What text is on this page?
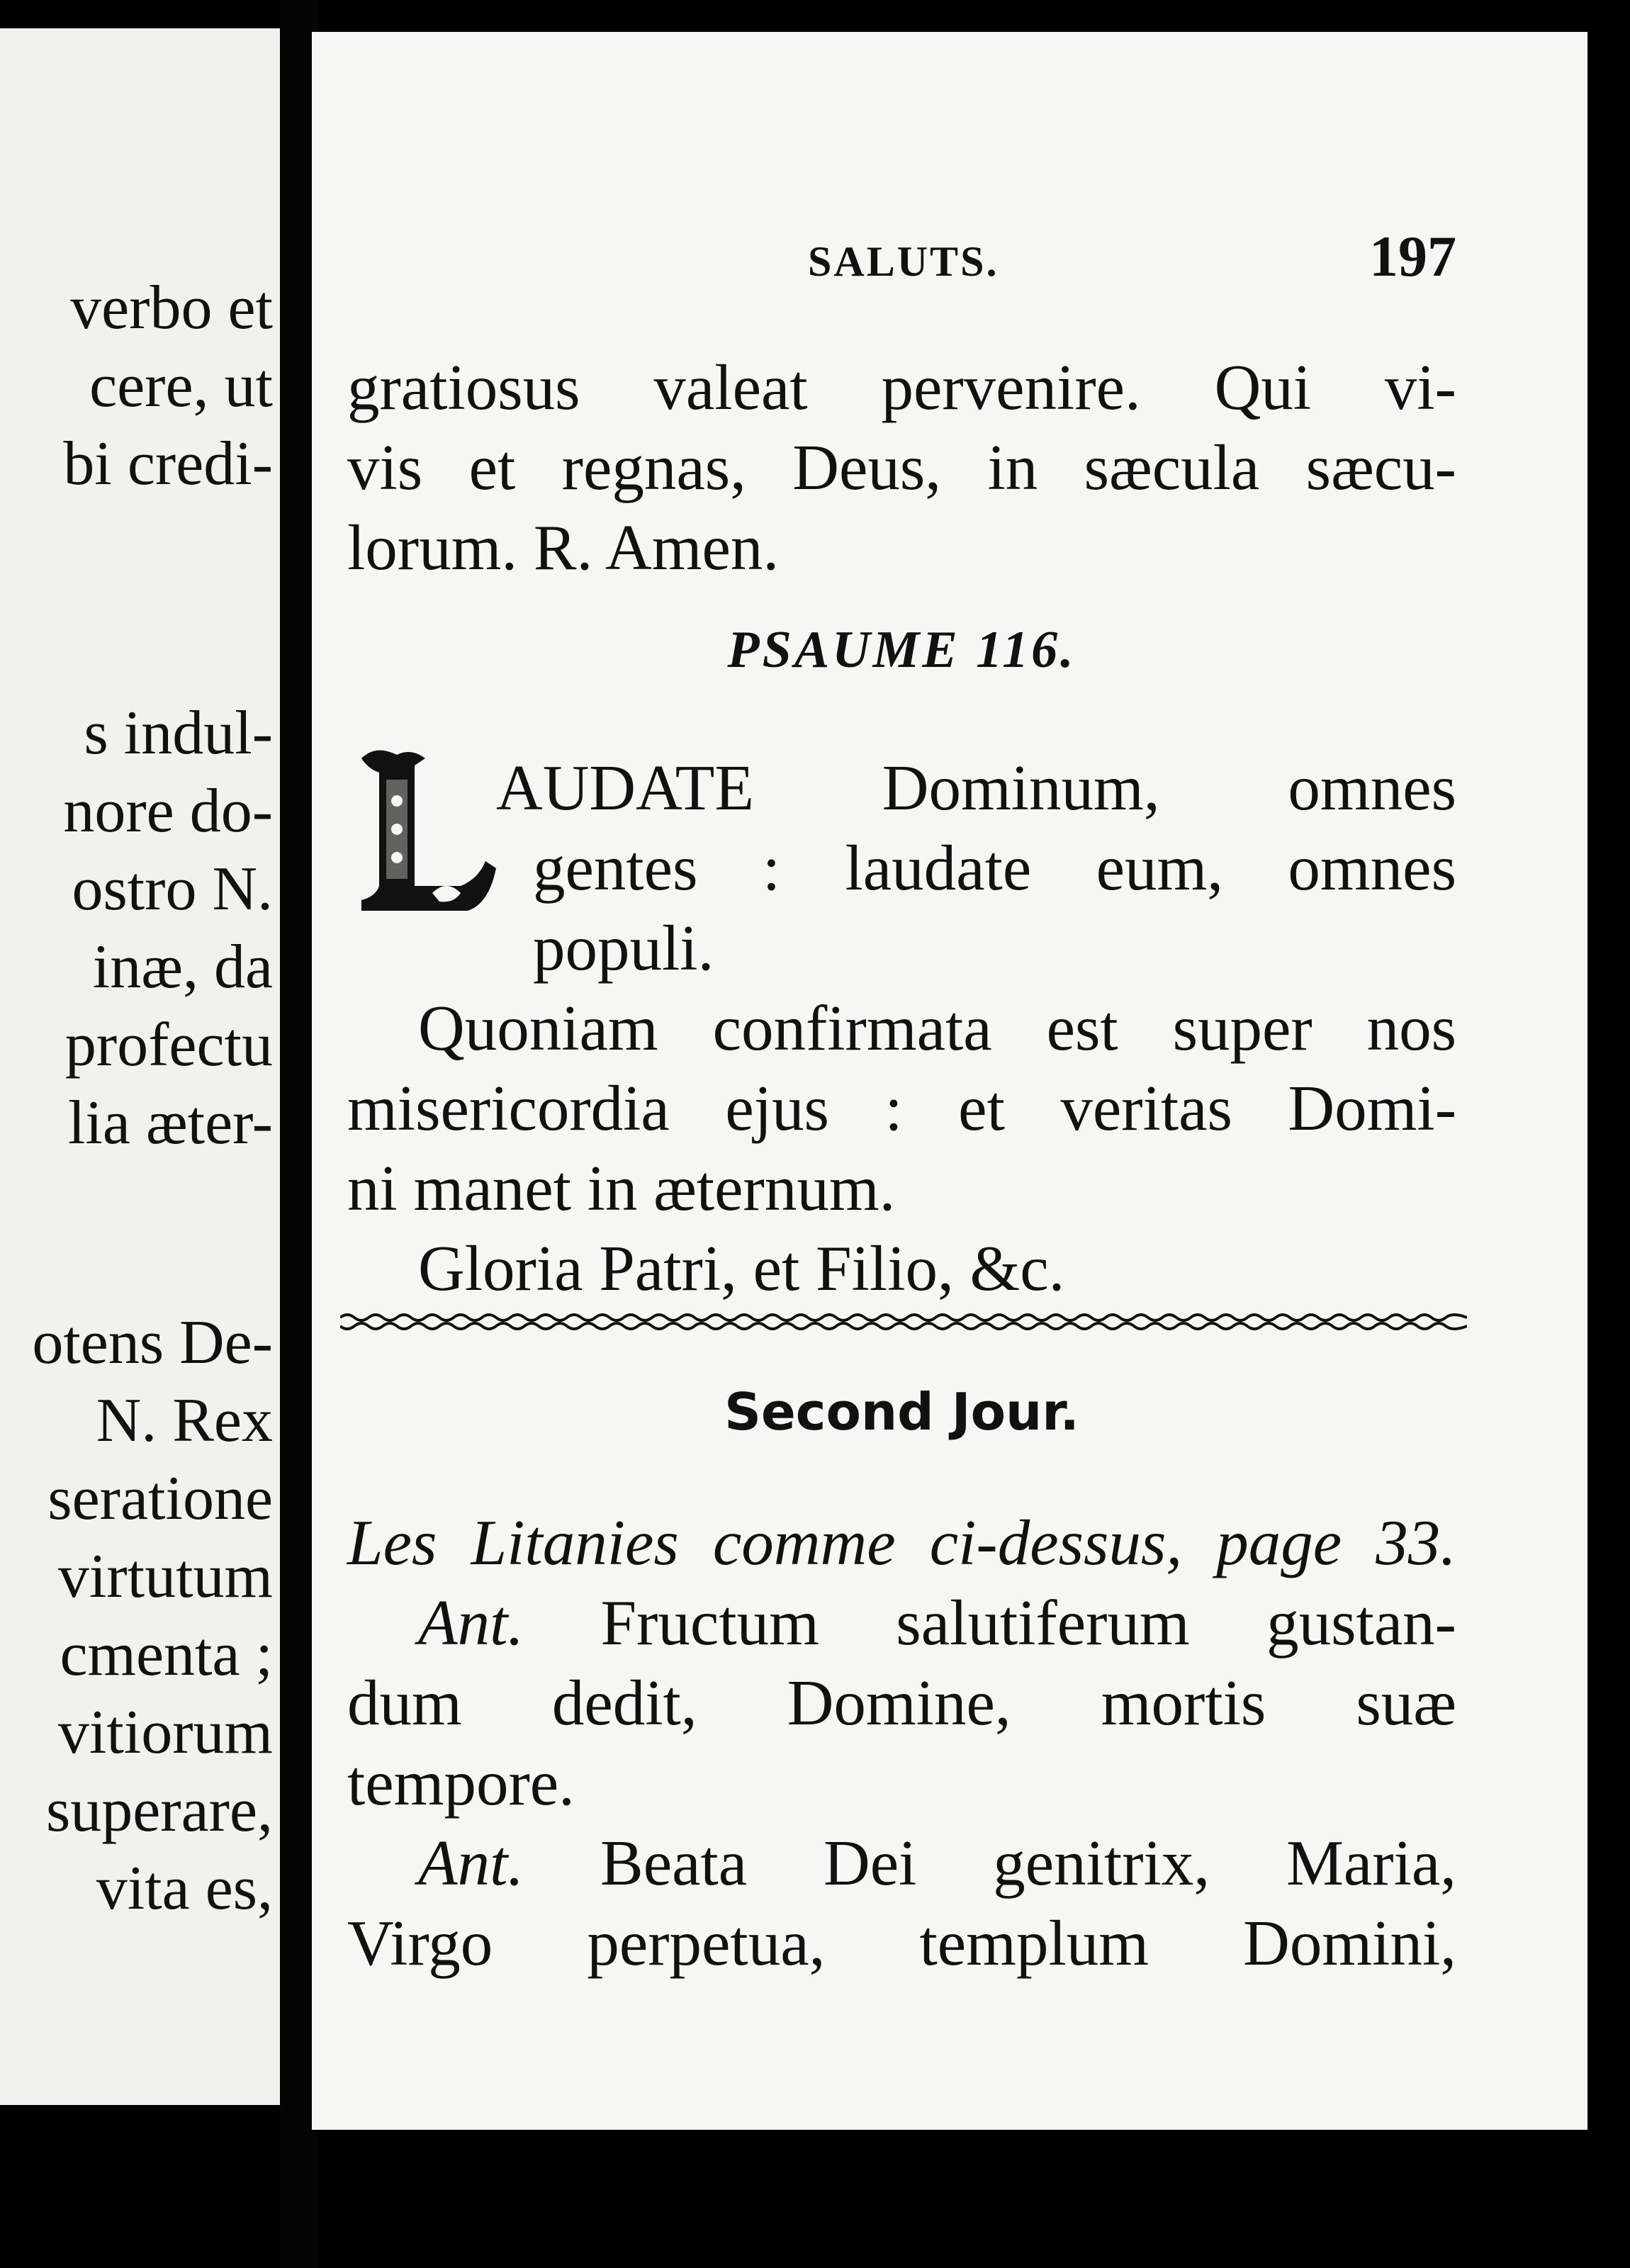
verbo et
cere, ut
bi credi-
s indul-
nore do-
ostro N.
inæ, da
profectu
lia æter-
otens De-
N. Rex
seratione
virtutum
cmenta ;
vitiorum
superare,
vita es,
SALUTS.	197
gratiosus valeat pervenire. Qui vi-
vis et regnas, Deus, in sæcula sæcu-
lorum. R. Amen.
PSAUME 116.
AUDATE Dominum, omnes
gentes : laudate eum, omnes
populi.
Quoniam confirmata est super nos
misericordia ejus : et veritas Domi-
ni manet in æternum.
Gloria Patri, et Filio, &c.
Second Jour.
Les Litanies comme ci-dessus, page 33.
Ant. Fructum salutiferum gustan-
dum dedit, Domine, mortis suæ
tempore.
Ant. Beata Dei genitrix, Maria,
Virgo perpetua, templum Domini,
